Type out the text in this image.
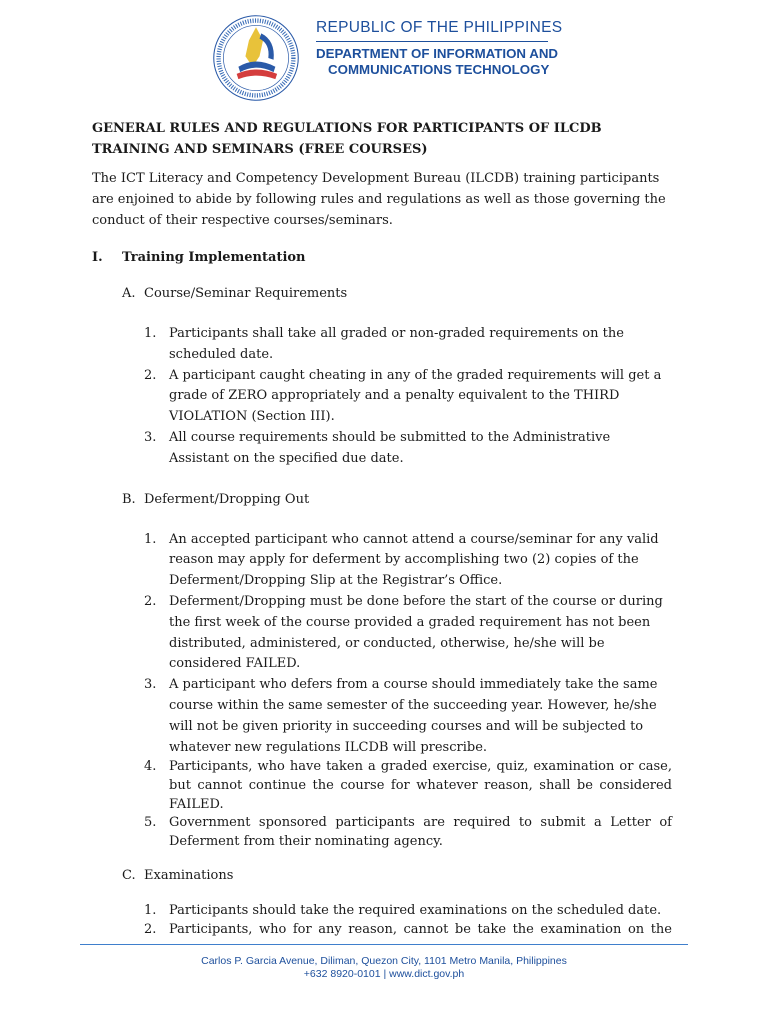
REPUBLIC OF THE PHILIPPINES

DEPARTMENT OF INFORMATION AND

COMMUNICATIONS TECHNOLOGY

GENERAL RULES AND REGULATIONS FOR PARTICIPANTS OF ILCDB TRAINING AND SEMINARS (FREE COURSES)

The ICT Literacy and Competency Development Bureau (ILCDB) training participants are enjoined to abide by following rules and regulations as well as those governing the conduct of their respective courses/seminars.

I. Training Implementation
A. Course/Seminar Requirements
1. Participants shall take all graded or non-graded requirements on the scheduled date.
2. A participant caught cheating in any of the graded requirements will get a grade of ZERO appropriately and a penalty equivalent to the THIRD VIOLATION (Section III).
3. All course requirements should be submitted to the Administrative Assistant on the specified due date.
B. Deferment/Dropping Out
1. An accepted participant who cannot attend a course/seminar for any valid reason may apply for deferment by accomplishing two (2) copies of the Deferment/Dropping Slip at the Registrar’s Office.
2. Deferment/Dropping must be done before the start of the course or during the first week of the course provided a graded requirement has not been distributed, administered, or conducted, otherwise, he/she will be considered FAILED.
3. A participant who defers from a course should immediately take the same course within the same semester of the succeeding year. However, he/she will not be given priority in succeeding courses and will be subjected to whatever new regulations ILCDB will prescribe.
4. Participants, who have taken a graded exercise, quiz, examination or case, but cannot continue the course for whatever reason, shall be considered FAILED.
5. Government sponsored participants are required to submit a Letter of Deferment from their nominating agency.
C. Examinations
1. Participants should take the required examinations on the scheduled date.
2. Participants, who for any reason, cannot be take the examination on the
Carlos P. Garcia Avenue, Diliman, Quezon City, 1101 Metro Manila, Philippines
+632 8920-0101 | www.dict.gov.ph
